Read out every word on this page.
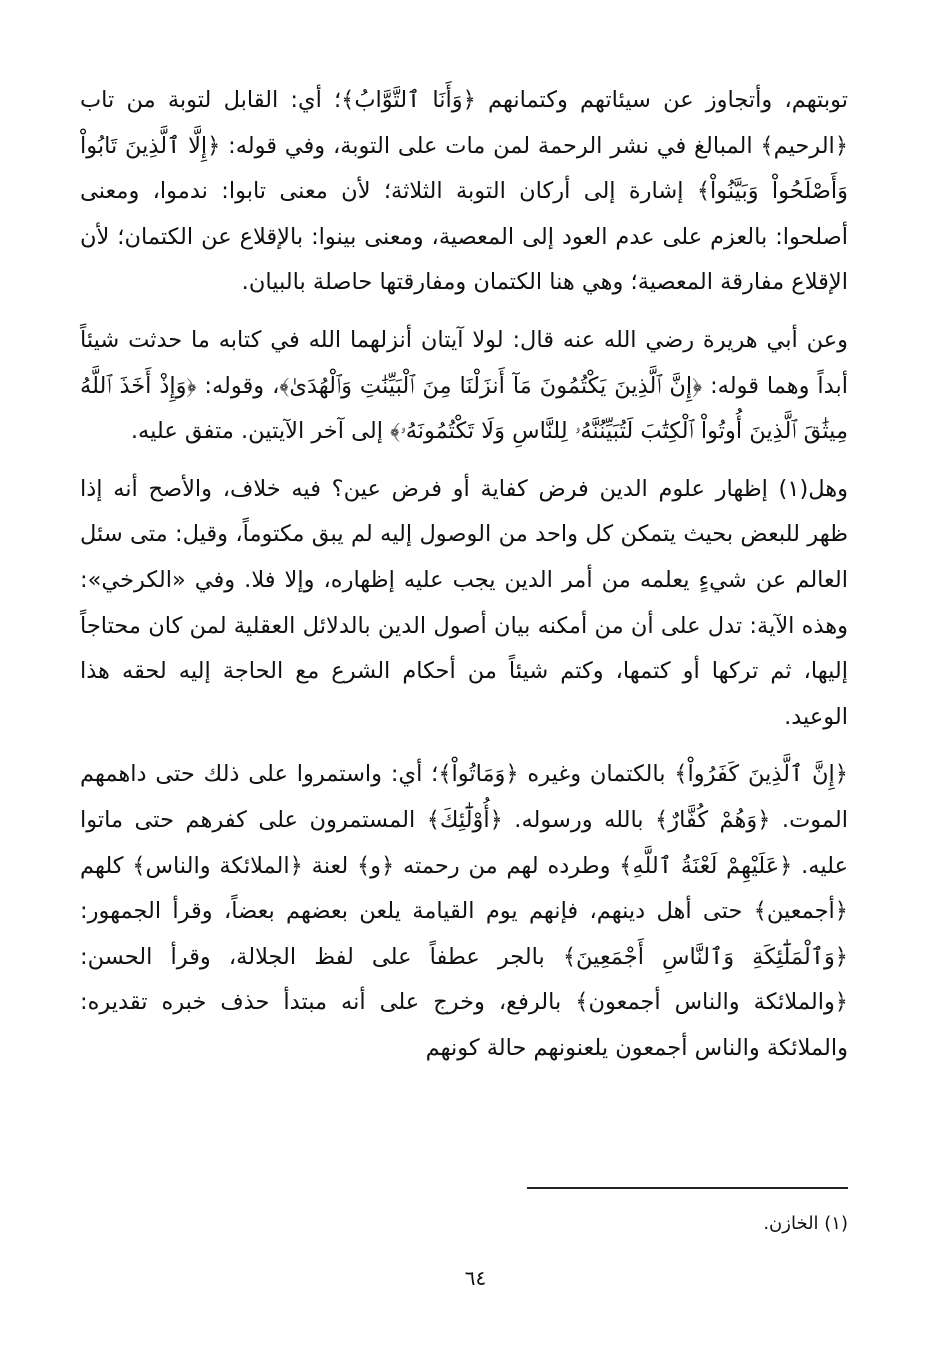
توبتهم، وأتجاوز عن سيئاتهم وكتمانهم ﴿وَأَنَا ٱلتَّوَّابُ﴾؛ أي: القابل لتوبة من تاب ﴿الرحيم﴾ المبالغ في نشر الرحمة لمن مات على التوبة، وفي قوله: ﴿إِلَّا ٱلَّذِينَ تَابُواْ وَأَصْلَحُواْ وَبَيَّنُواْ﴾ إشارة إلى أركان التوبة الثلاثة؛ لأن معنى تابوا: ندموا، ومعنى أصلحوا: بالعزم على عدم العود إلى المعصية، ومعنى بينوا: بالإقلاع عن الكتمان؛ لأن الإقلاع مفارقة المعصية؛ وهي هنا الكتمان ومفارقتها حاصلة بالبيان.

وعن أبي هريرة رضي الله عنه قال: لولا آيتان أنزلهما الله في كتابه ما حدثت شيئاً أبداً وهما قوله: ﴿إِنَّ ٱلَّذِينَ يَكْتُمُونَ مَآ أَنزَلْنَا مِنَ ٱلْبَيِّنَٰتِ وَٱلْهُدَىٰ﴾، وقوله: ﴿وَإِذْ أَخَذَ ٱللَّهُ مِيثَٰقَ ٱلَّذِينَ أُوتُواْ ٱلْكِتَٰبَ لَتُبَيِّنُنَّهُۥ لِلنَّاسِ وَلَا تَكْتُمُونَهُۥ﴾ إلى آخر الآيتين. متفق عليه.

وهل(١) إظهار علوم الدين فرض كفاية أو فرض عين؟ فيه خلاف، والأصح أنه إذا ظهر للبعض بحيث يتمكن كل واحد من الوصول إليه لم يبق مكتوماً، وقيل: متى سئل العالم عن شيءٍ يعلمه من أمر الدين يجب عليه إظهاره، وإلا فلا. وفي «الكرخي»: وهذه الآية: تدل على أن من أمكنه بيان أصول الدين بالدلائل العقلية لمن كان محتاجاً إليها، ثم تركها أو كتمها، وكتم شيئاً من أحكام الشرع مع الحاجة إليه لحقه هذا الوعيد.

﴿إِنَّ ٱلَّذِينَ كَفَرُواْ﴾ بالكتمان وغيره ﴿وَمَاتُواْ﴾؛ أي: واستمروا على ذلك حتى داهمهم الموت. ﴿وَهُمْ كُفَّارٌ﴾ بالله ورسوله. ﴿أُوْلَٰٓئِكَ﴾ المستمرون على كفرهم حتى ماتوا عليه. ﴿عَلَيْهِمْ لَعْنَةُ ٱللَّهِ﴾ وطرده لهم من رحمته ﴿و﴾ لعنة ﴿الملائكة والناس﴾ كلهم ﴿أجمعين﴾ حتى أهل دينهم، فإنهم يوم القيامة يلعن بعضهم بعضاً، وقرأ الجمهور: ﴿وَٱلْمَلَٰٓئِكَةِ وَٱلنَّاسِ أَجْمَعِينَ﴾ بالجر عطفاً على لفظ الجلالة، وقرأ الحسن: ﴿والملائكة والناس أجمعون﴾ بالرفع، وخرج على أنه مبتدأ حذف خبره تقديره: والملائكة والناس أجمعون يلعنونهم حالة كونهم

(١) الخازن.
٦٤
